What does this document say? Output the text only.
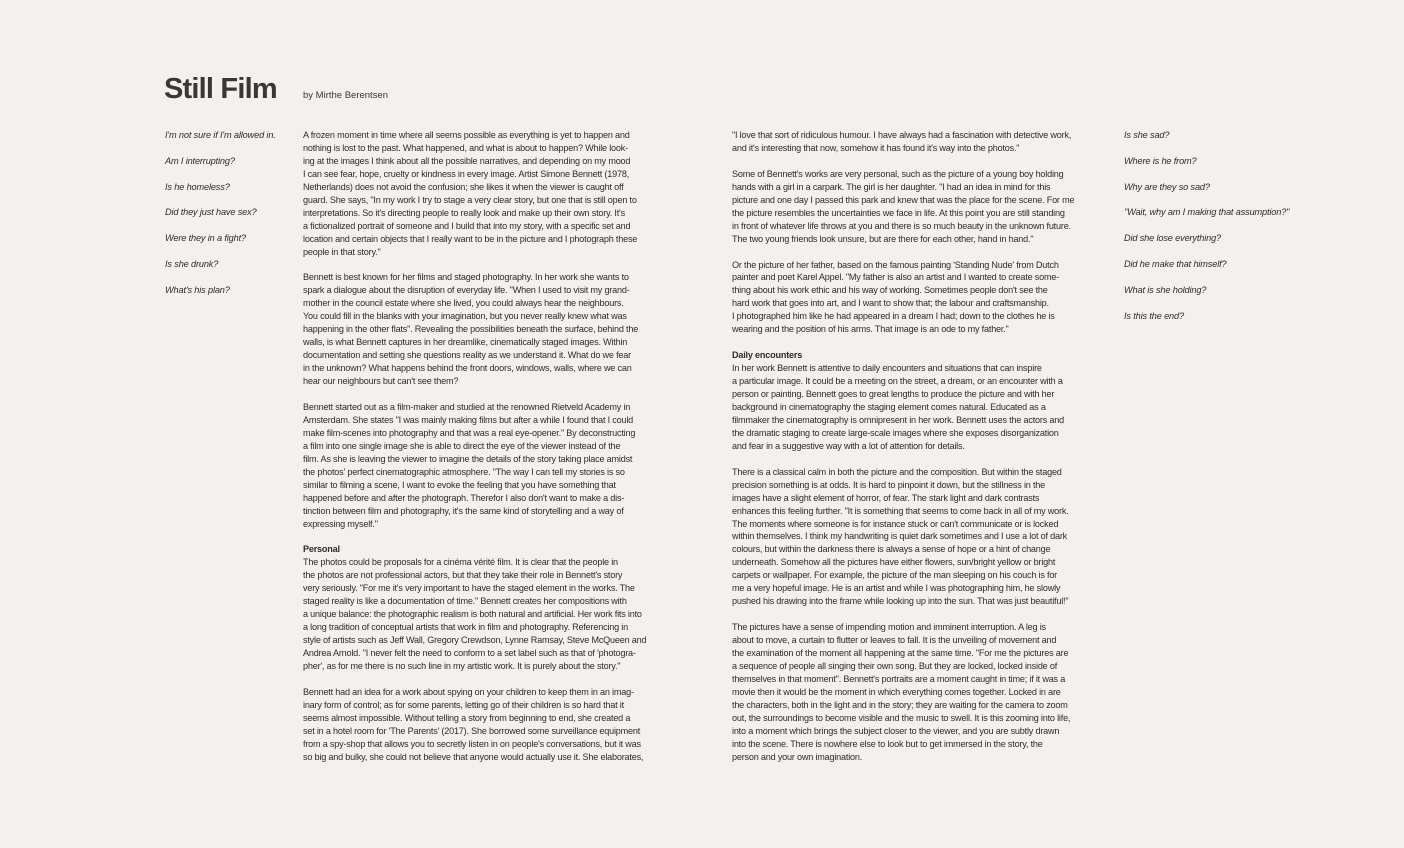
Still Film	by Mirthe Berentsen
I'm not sure if I'm allowed in.
Am I interrupting?
Is he homeless?
Did they just have sex?
Were they in a fight?
Is she drunk?
What's his plan?

A frozen moment in time where all seems possible as everything is yet to happen and
nothing is lost to the past. What happened, and what is about to happen? While look-
ing at the images I think about all the possible narratives, and depending on my mood
I can see fear, hope, cruelty or kindness in every image. Artist Simone Bennett (1978,
Netherlands) does not avoid the confusion; she likes it when the viewer is caught off
guard. She says, "In my work I try to stage a very clear story, but one that is still open to
interpretations. So it's directing people to really look and make up their own story. It's
a fictionalized portrait of someone and I build that into my story, with a specific set and
location and certain objects that I really want to be in the picture and I photograph these
people in that story."

Bennett is best known for her films and staged photography. In her work she wants to
spark a dialogue about the disruption of everyday life. "When I used to visit my grand-
mother in the council estate where she lived, you could always hear the neighbours.
You could fill in the blanks with your imagination, but you never really knew what was
happening in the other flats". Revealing the possibilities beneath the surface, behind the
walls, is what Bennett captures in her dreamlike, cinematically staged images. Within
documentation and setting she questions reality as we understand it. What do we fear
in the unknown? What happens behind the front doors, windows, walls, where we can
hear our neighbours but can't see them?

Bennett started out as a film-maker and studied at the renowned Rietveld Academy in
Amsterdam. She states "I was mainly making films but after a while I found that I could
make film-scenes into photography and that was a real eye-opener." By deconstructing
a film into one single image she is able to direct the eye of the viewer instead of the
film. As she is leaving the viewer to imagine the details of the story taking place amidst
the photos' perfect cinematographic atmosphere. "The way I can tell my stories is so
similar to filming a scene, I want to evoke the feeling that you have something that
happened before and after the photograph. Therefor I also don't want to make a dis-
tinction between film and photography, it's the same kind of storytelling and a way of
expressing myself."

Personal

The photos could be proposals for a cinéma vérité film. It is clear that the people in
the photos are not professional actors, but that they take their role in Bennett's story
very seriously. "For me it's very important to have the staged element in the works. The
staged reality is like a documentation of time." Bennett creates her compositions with
a unique balance: the photographic realism is both natural and artificial. Her work fits into
a long tradition of conceptual artists that work in film and photography. Referencing in
style of artists such as Jeff Wall, Gregory Crewdson, Lynne Ramsay, Steve McQueen and
Andrea Arnold. "I never felt the need to conform to a set label such as that of 'photogra-
pher', as for me there is no such line in my artistic work. It is purely about the story."

Bennett had an idea for a work about spying on your children to keep them in an imag-
inary form of control; as for some parents, letting go of their children is so hard that it
seems almost impossible. Without telling a story from beginning to end, she created a
set in a hotel room for 'The Parents' (2017). She borrowed some surveillance equipment
from a spy-shop that allows you to secretly listen in on people's conversations, but it was
so big and bulky, she could not believe that anyone would actually use it. She elaborates,

"I love that sort of ridiculous humour. I have always had a fascination with detective work,
and it's interesting that now, somehow it has found it's way into the photos."

Some of Bennett's works are very personal, such as the picture of a young boy holding
hands with a girl in a carpark. The girl is her daughter. "I had an idea in mind for this
picture and one day I passed this park and knew that was the place for the scene. For me
the picture resembles the uncertainties we face in life. At this point you are still standing
in front of whatever life throws at you and there is so much beauty in the unknown future.
The two young friends look unsure, but are there for each other, hand in hand."

Or the picture of her father, based on the famous painting 'Standing Nude' from Dutch
painter and poet Karel Appel. "My father is also an artist and I wanted to create some-
thing about his work ethic and his way of working. Sometimes people don't see the
hard work that goes into art, and I want to show that; the labour and craftsmanship.
I photographed him like he had appeared in a dream I had; down to the clothes he is
wearing and the position of his arms. That image is an ode to my father."

Daily encounters

In her work Bennett is attentive to daily encounters and situations that can inspire
a particular image. It could be a meeting on the street, a dream, or an encounter with a
person or painting. Bennett goes to great lengths to produce the picture and with her
background in cinematography the staging element comes natural. Educated as a
filmmaker the cinematography is omnipresent in her work. Bennett uses the actors and
the dramatic staging to create large-scale images where she exposes disorganization
and fear in a suggestive way with a lot of attention for details.

There is a classical calm in both the picture and the composition. But within the staged
precision something is at odds. It is hard to pinpoint it down, but the stillness in the
images have a slight element of horror, of fear. The stark light and dark contrasts
enhances this feeling further. "It is something that seems to come back in all of my work.
The moments where someone is for instance stuck or can't communicate or is locked
within themselves. I think my handwriting is quiet dark sometimes and I use a lot of dark
colours, but within the darkness there is always a sense of hope or a hint of change
underneath. Somehow all the pictures have either flowers, sun/bright yellow or bright
carpets or wallpaper. For example, the picture of the man sleeping on his couch is for
me a very hopeful image. He is an artist and while I was photographing him, he slowly
pushed his drawing into the frame while looking up into the sun. That was just beautiful!"

The pictures have a sense of impending motion and imminent interruption. A leg is
about to move, a curtain to flutter or leaves to fall. It is the unveiling of movement and
the examination of the moment all happening at the same time. "For me the pictures are
a sequence of people all singing their own song. But they are locked, locked inside of
themselves in that moment". Bennett's portraits are a moment caught in time; if it was a
movie then it would be the moment in which everything comes together. Locked in are
the characters, both in the light and in the story; they are waiting for the camera to zoom
out, the surroundings to become visible and the music to swell. It is this zooming into life,
into a moment which brings the subject closer to the viewer, and you are subtly drawn
into the scene. There is nowhere else to look but to get immersed in the story, the
person and your own imagination.

Is she sad?
Where is he from?
Why are they so sad?
"Wait, why am I making that assumption?"
Did she lose everything?
Did he make that himself?
What is she holding?
Is this the end?
